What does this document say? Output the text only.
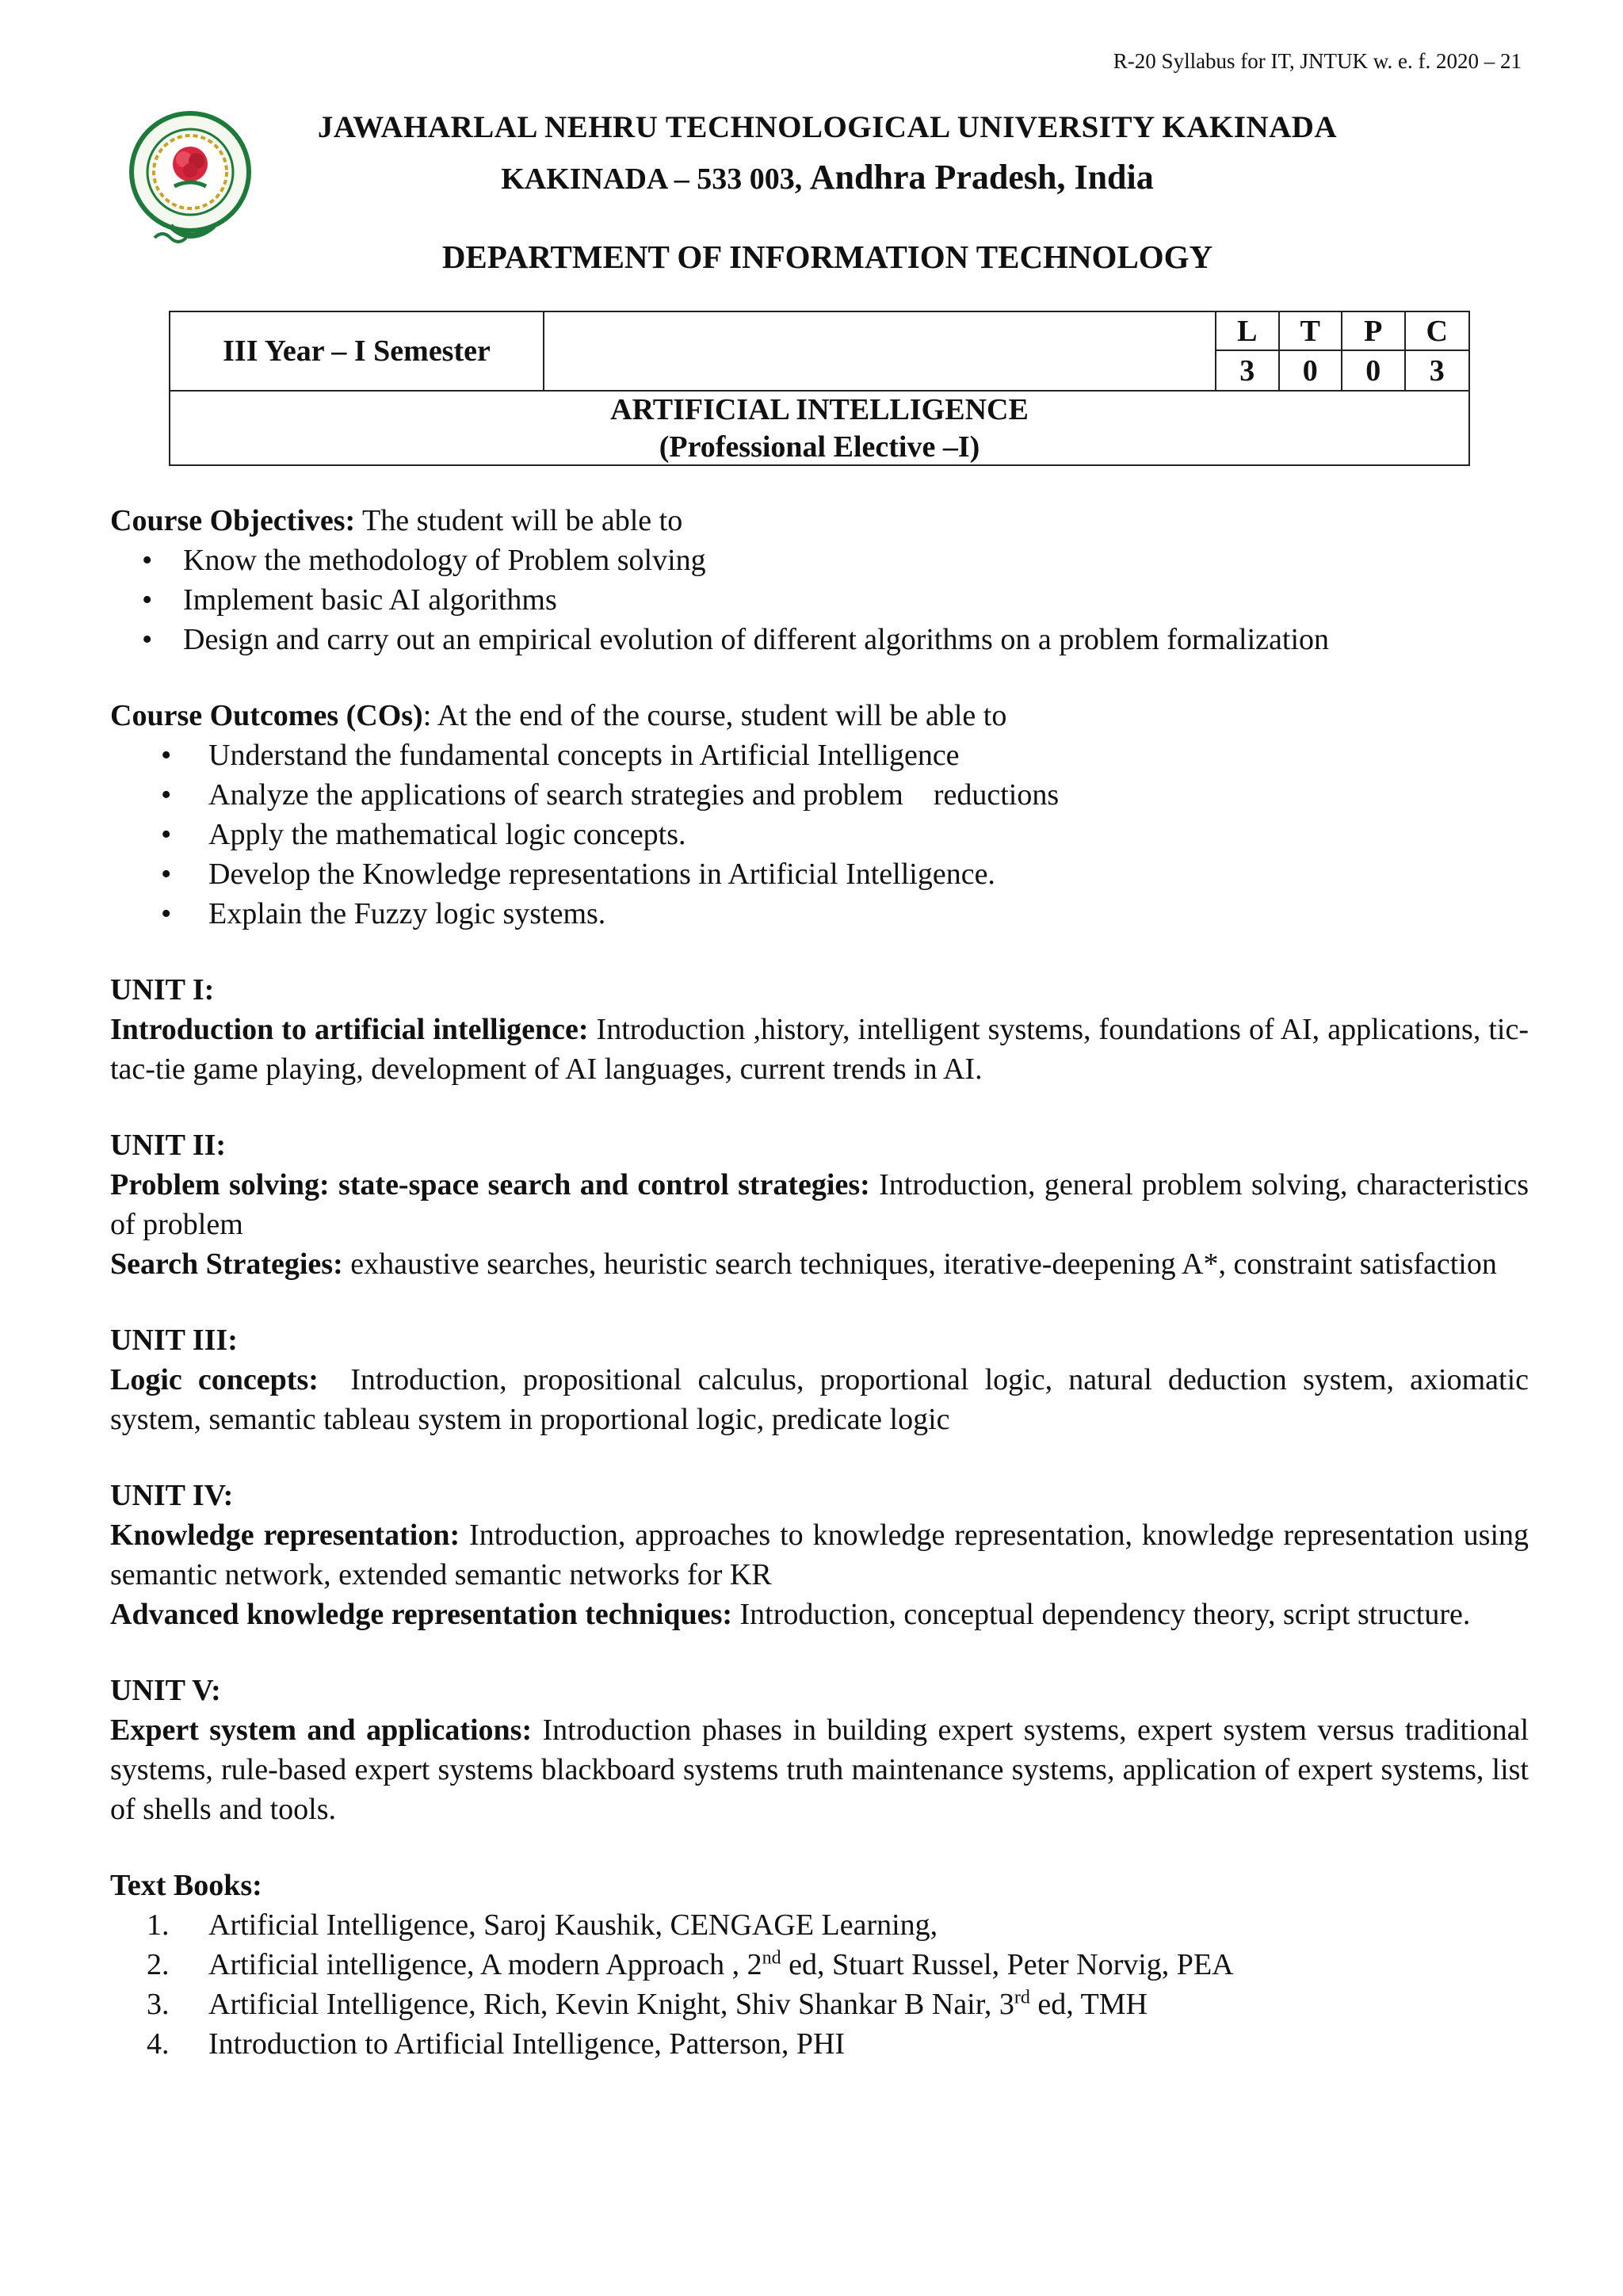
R-20 Syllabus for IT, JNTUK w. e. f. 2020 – 21
JAWAHARLAL NEHRU TECHNOLOGICAL UNIVERSITY KAKINADA
KAKINADA – 533 003, Andhra Pradesh, India
DEPARTMENT OF INFORMATION TECHNOLOGY
III Year – I Semester
L	T	P	C
3	0	0	3
ARTIFICIAL INTELLIGENCE
(Professional Elective –I)

Course Objectives: The student will be able to

• Know the methodology of Problem solving
• Implement basic AI algorithms
• Design and carry out an empirical evolution of different algorithms on a problem formalization

Course Outcomes (COs): At the end of the course, student will be able to

• Understand the fundamental concepts in Artificial Intelligence
• Analyze the applications of search strategies and problem    reductions
• Apply the mathematical logic concepts.
• Develop the Knowledge representations in Artificial Intelligence.
• Explain the Fuzzy logic systems.

UNIT I:

Introduction to artificial intelligence: Introduction ,history, intelligent systems, foundations of AI, applications, tic-tac-tie game playing, development of AI languages, current trends in AI.

UNIT II:

Problem solving: state-space search and control strategies: Introduction, general problem solving, characteristics of problem

Search Strategies: exhaustive searches, heuristic search techniques, iterative-deepening A*, constraint satisfaction

UNIT III:

Logic concepts:  Introduction, propositional calculus, proportional logic, natural deduction system, axiomatic system, semantic tableau system in proportional logic, predicate logic

UNIT IV:

Knowledge representation: Introduction, approaches to knowledge representation, knowledge representation using semantic network, extended semantic networks for KR

Advanced knowledge representation techniques: Introduction, conceptual dependency theory, script structure.

UNIT V:

Expert system and applications: Introduction phases in building expert systems, expert system versus traditional systems, rule-based expert systems blackboard systems truth maintenance systems, application of expert systems, list of shells and tools.

Text Books:

1. Artificial Intelligence, Saroj Kaushik, CENGAGE Learning,
2. Artificial intelligence, A modern Approach , 2nd ed, Stuart Russel, Peter Norvig, PEA
3. Artificial Intelligence, Rich, Kevin Knight, Shiv Shankar B Nair, 3rd ed, TMH
4. Introduction to Artificial Intelligence, Patterson, PHI
